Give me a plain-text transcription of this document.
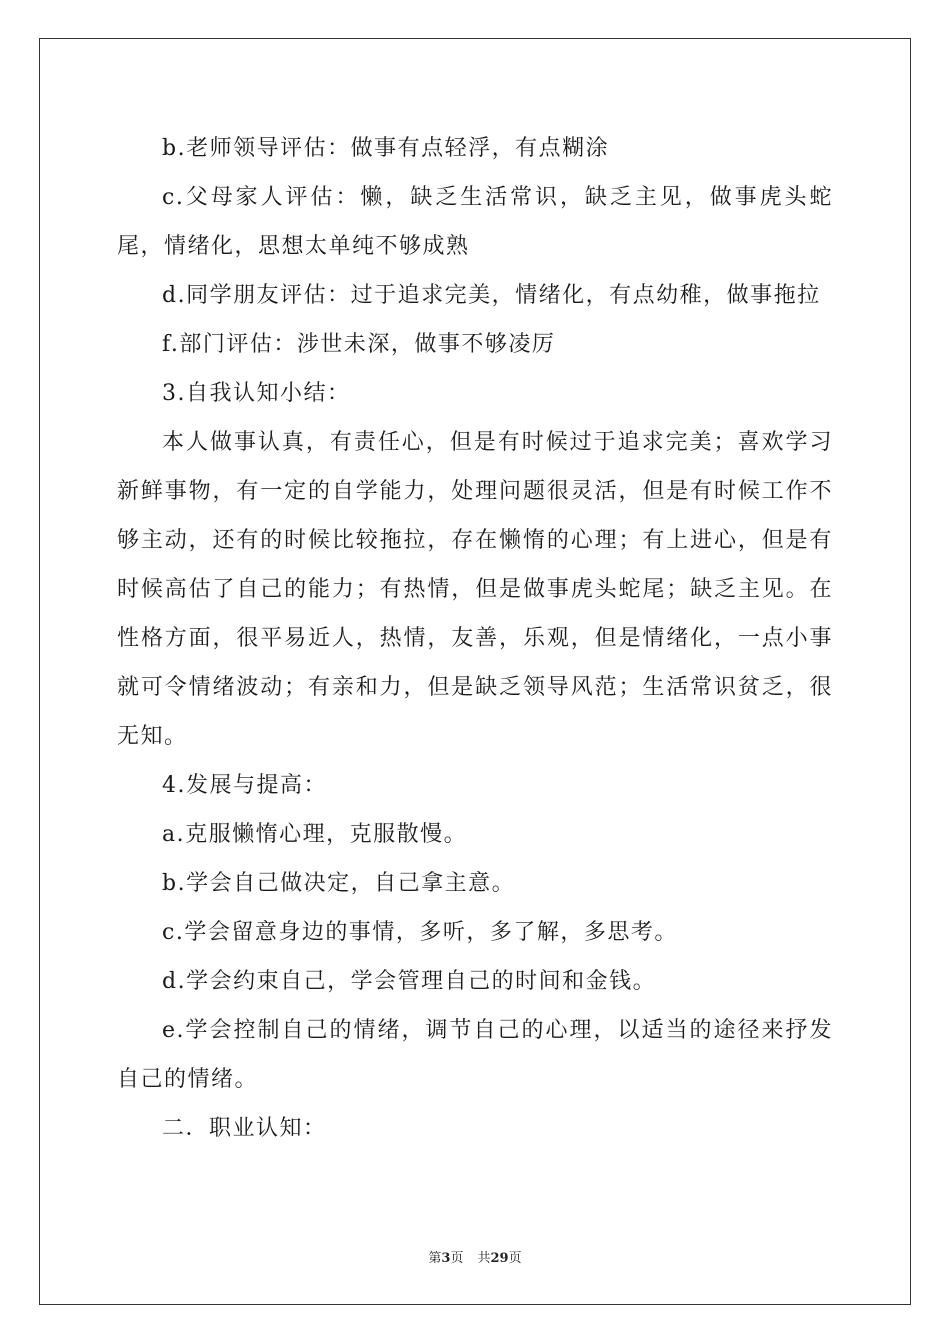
b.老师领导评估：做事有点轻浮，有点糊涂

c.父母家人评估：懒，缺乏生活常识，缺乏主见，做事虎头蛇尾，情绪化，思想太单纯不够成熟

d.同学朋友评估：过于追求完美，情绪化，有点幼稚，做事拖拉

f.部门评估：涉世未深，做事不够凌厉

3.自我认知小结：

本人做事认真，有责任心，但是有时候过于追求完美；喜欢学习新鲜事物，有一定的自学能力，处理问题很灵活，但是有时候工作不够主动，还有的时候比较拖拉，存在懒惰的心理；有上进心，但是有时候高估了自己的能力；有热情，但是做事虎头蛇尾；缺乏主见。在性格方面，很平易近人，热情，友善，乐观，但是情绪化，一点小事就可令情绪波动；有亲和力，但是缺乏领导风范；生活常识贫乏，很无知。

4.发展与提高：

a.克服懒惰心理，克服散慢。

b.学会自己做决定，自己拿主意。

c.学会留意身边的事情，多听，多了解，多思考。

d.学会约束自己，学会管理自己的时间和金钱。

e.学会控制自己的情绪，调节自己的心理，以适当的途径来抒发自己的情绪。

二．职业认知：

第3页 共29页
